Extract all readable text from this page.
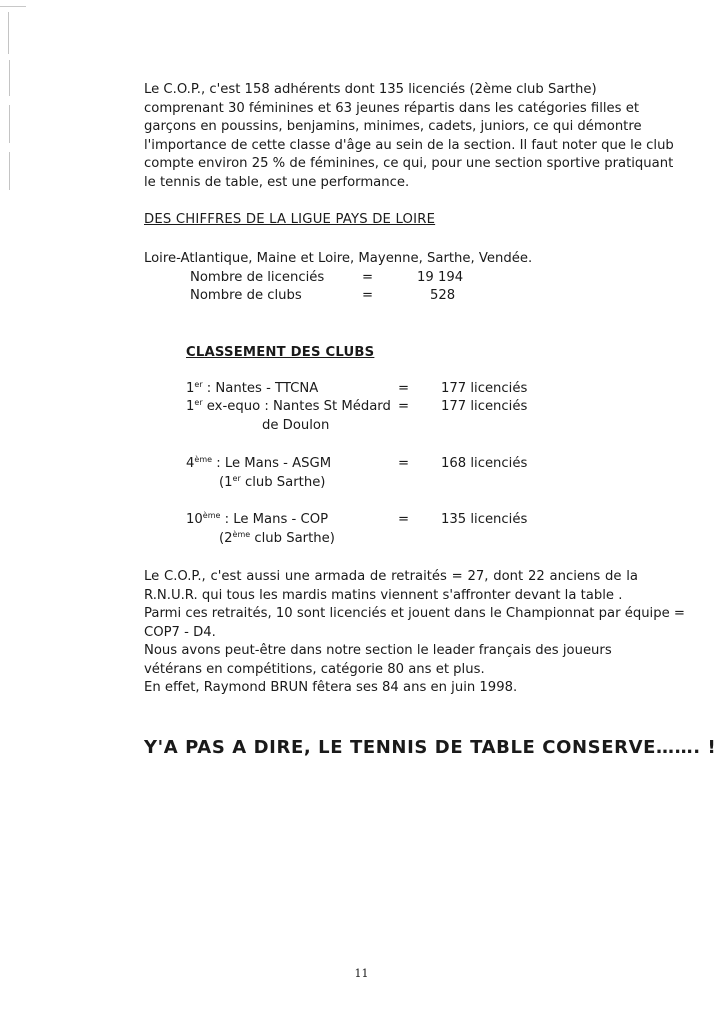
Le C.O.P., c'est 158 adhérents dont 135 licenciés (2ème club Sarthe)
comprenant 30 féminines et 63 jeunes répartis dans les catégories filles et
garçons en poussins, benjamins, minimes, cadets, juniors, ce qui démontre
l'importance de cette classe d'âge au sein de la section. Il faut noter que le club
compte environ 25 % de féminines, ce qui, pour une section sportive pratiquant
le tennis de table, est une performance.
DES CHIFFRES DE LA LIGUE PAYS DE LOIRE
Loire-Atlantique, Maine et Loire, Mayenne, Sarthe, Vendée.
Nombre de licenciés	=	19 194
Nombre de clubs	=	528
CLASSEMENT DES CLUBS
1er : Nantes - TTCNA	= 177 licenciés
1er ex-equo : Nantes St Médard = 177 licenciés
de Doulon
4ème : Le Mans - ASGM	= 168 licenciés
(1er club Sarthe)
10ème : Le Mans - COP	= 135 licenciés
(2ème club Sarthe)
Le C.O.P., c'est aussi une armada de retraités = 27, dont 22 anciens de la
R.N.U.R. qui tous les mardis matins viennent s'affronter devant la table .
Parmi ces retraités, 10 sont licenciés et jouent dans le Championnat par équipe =
COP7 - D4.
Nous avons peut-être dans notre section le leader français des joueurs
vétérans en compétitions, catégorie 80 ans et plus.
En effet, Raymond BRUN fêtera ses 84 ans en juin 1998.
Y'A PAS A DIRE, LE TENNIS DE TABLE CONSERVE……. !
11
